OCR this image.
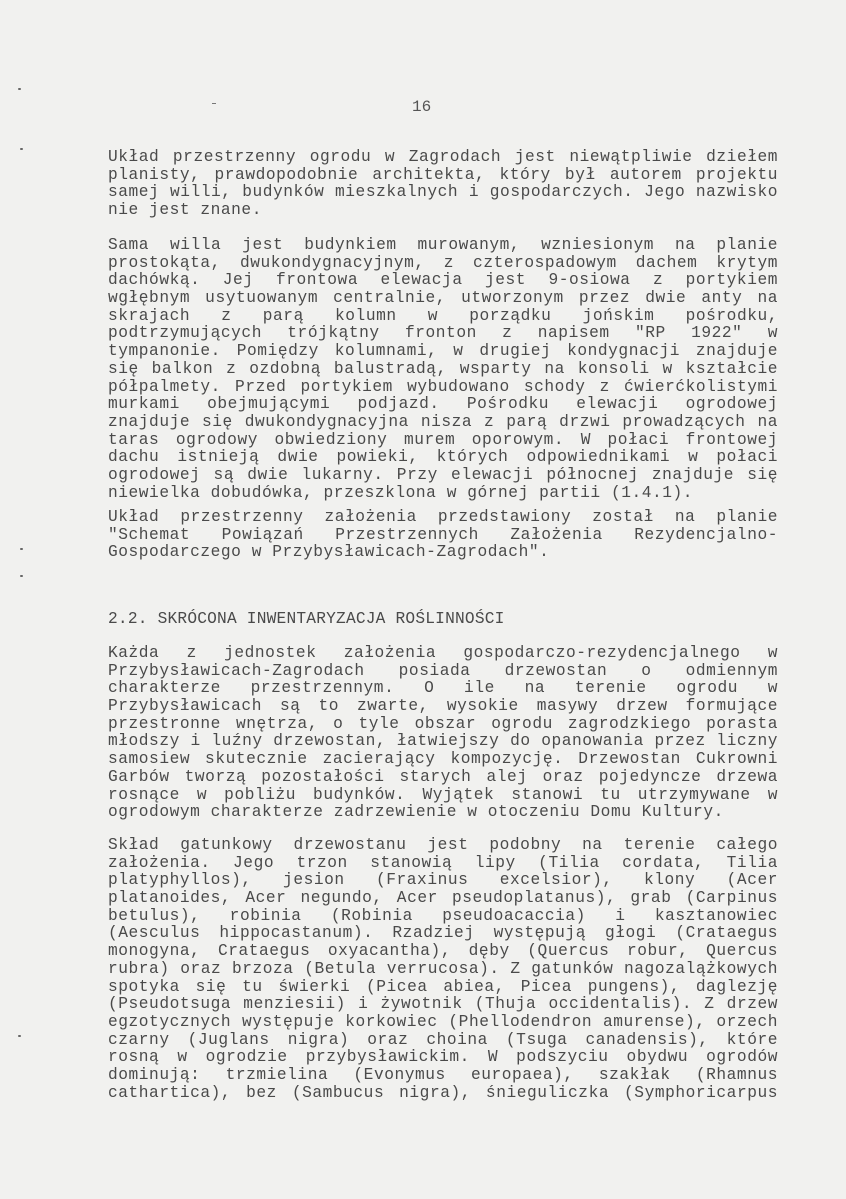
16
Układ przestrzenny ogrodu w Zagrodach jest niewątpliwie dziełem
planisty, prawdopodobnie architekta, który był autorem projektu
samej willi, budynków mieszkalnych i gospodarczych. Jego nazwisko
nie jest znane.
Sama willa jest budynkiem murowanym, wzniesionym na planie
prostokąta, dwukondygnacyjnym, z czterospadowym dachem krytym
dachówką. Jej frontowa elewacja jest 9-osiowa z portykiem
wgłębnym usytuowanym centralnie, utworzonym przez dwie anty na
skrajach z parą kolumn w porządku jońskim pośrodku,
podtrzymujących trójkątny fronton z napisem "RP 1922" w
tympanonie. Pomiędzy kolumnami, w drugiej kondygnacji znajduje
się balkon z ozdobną balustradą, wsparty na konsoli w kształcie
półpalmety. Przed portykiem wybudowano schody z ćwierćkolistymi
murkami obejmującymi podjazd. Pośrodku elewacji ogrodowej
znajduje się dwukondygnacyjna nisza z parą drzwi prowadzących na
taras ogrodowy obwiedziony murem oporowym. W połaci frontowej
dachu istnieją dwie powieki, których odpowiednikami w połaci
ogrodowej są dwie lukarny. Przy elewacji północnej znajduje się
niewielka dobudówka, przeszklona w górnej partii (1.4.1).
Układ przestrzenny założenia przedstawiony został na planie
"Schemat Powiązań Przestrzennych Założenia Rezydencjalno-
Gospodarczego w Przybysławicach-Zagrodach".
2.2. SKRÓCONA INWENTARYZACJA ROŚLINNOŚCI
Każda z jednostek założenia gospodarczo-rezydencjalnego w
Przybysławicach-Zagrodach posiada drzewostan o odmiennym
charakterze przestrzennym. O ile na terenie ogrodu w
Przybysławicach są to zwarte, wysokie masywy drzew formujące
przestronne wnętrza, o tyle obszar ogrodu zagrodzkiego porasta
młodszy i luźny drzewostan, łatwiejszy do opanowania przez liczny
samosiew skutecznie zacierający kompozycję. Drzewostan Cukrowni
Garbów tworzą pozostałości starych alej oraz pojedyncze drzewa
rosnące w pobliżu budynków. Wyjątek stanowi tu utrzymywane w
ogrodowym charakterze zadrzewienie w otoczeniu Domu Kultury.
Skład gatunkowy drzewostanu jest podobny na terenie całego
założenia. Jego trzon stanowią lipy (Tilia cordata, Tilia
platyphyllos), jesion (Fraxinus excelsior), klony (Acer
platanoides, Acer negundo, Acer pseudoplatanus), grab (Carpinus
betulus), robinia (Robinia pseudoacaccia) i kasztanowiec
(Aesculus hippocastanum). Rzadziej występują głogi (Crataegus
monogyna, Crataegus oxyacantha), dęby (Quercus robur, Quercus
rubra) oraz brzoza (Betula verrucosa). Z gatunków nagozalążkowych
spotyka się tu świerki (Picea abiea, Picea pungens), daglezję
(Pseudotsuga menziesii) i żywotnik (Thuja occidentalis). Z drzew
egzotycznych występuje korkowiec (Phellodendron amurense), orzech
czarny (Juglans nigra) oraz choina (Tsuga canadensis), które
rosną w ogrodzie przybysławickim. W podszyciu obydwu ogrodów
dominują: trzmielina (Evonymus europaea), szakłak (Rhamnus
cathartica), bez (Sambucus nigra), śnieguliczka (Symphoricarpus
